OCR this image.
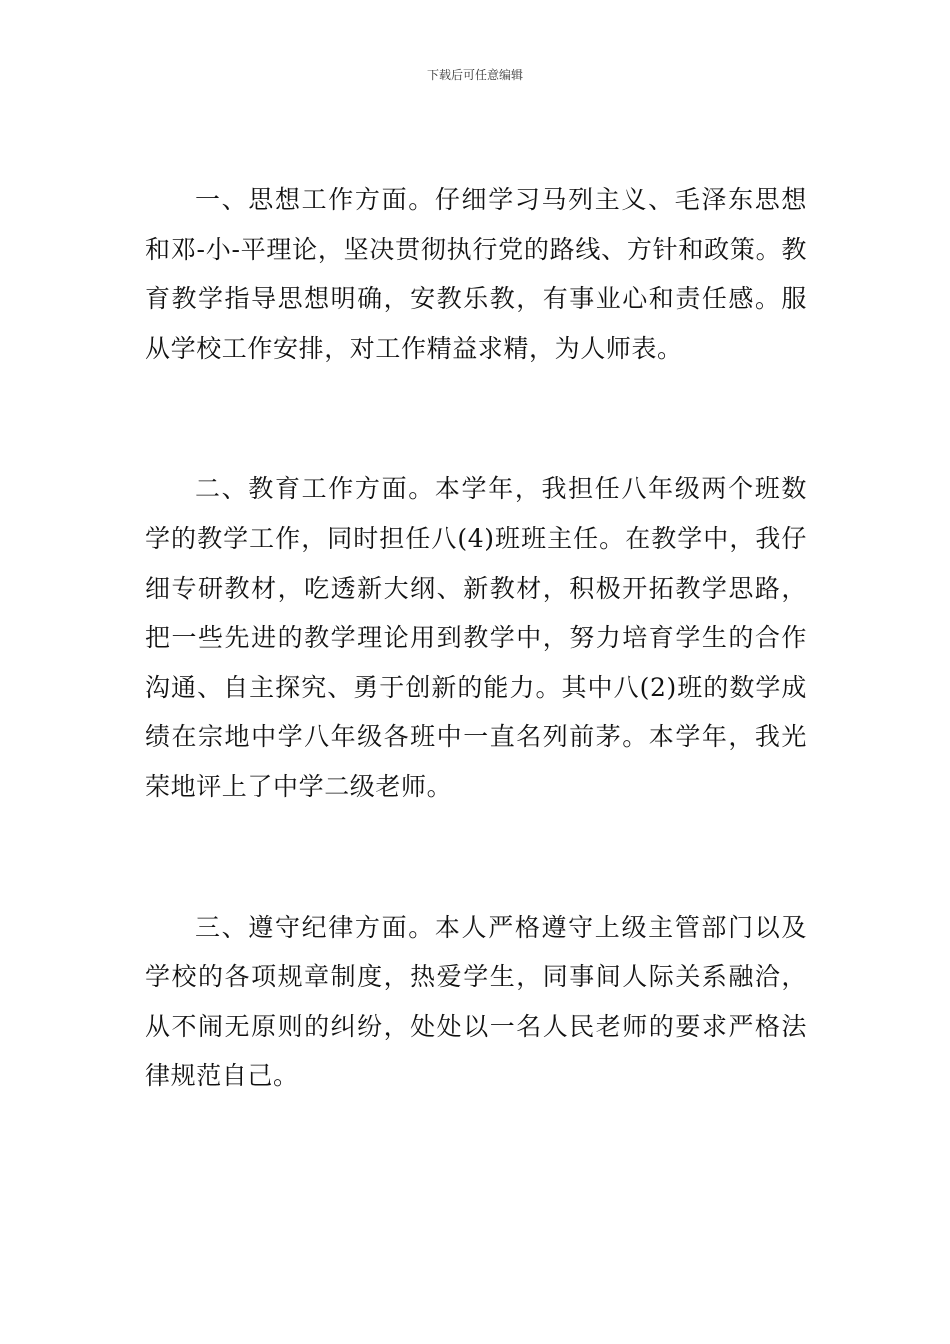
下载后可任意编辑

一、思想工作方面。仔细学习马列主义、毛泽东思想和邓-小-平理论，坚决贯彻执行党的路线、方针和政策。教育教学指导思想明确，安教乐教，有事业心和责任感。服从学校工作安排，对工作精益求精，为人师表。

二、教育工作方面。本学年，我担任八年级两个班数学的教学工作，同时担任八(4)班班主任。在教学中，我仔细专研教材，吃透新大纲、新教材，积极开拓教学思路，把一些先进的教学理论用到教学中，努力培育学生的合作沟通、自主探究、勇于创新的能力。其中八(2)班的数学成绩在宗地中学八年级各班中一直名列前茅。本学年，我光荣地评上了中学二级老师。

三、遵守纪律方面。本人严格遵守上级主管部门以及学校的各项规章制度，热爱学生，同事间人际关系融洽，从不闹无原则的纠纷，处处以一名人民老师的要求严格法律规范自己。
